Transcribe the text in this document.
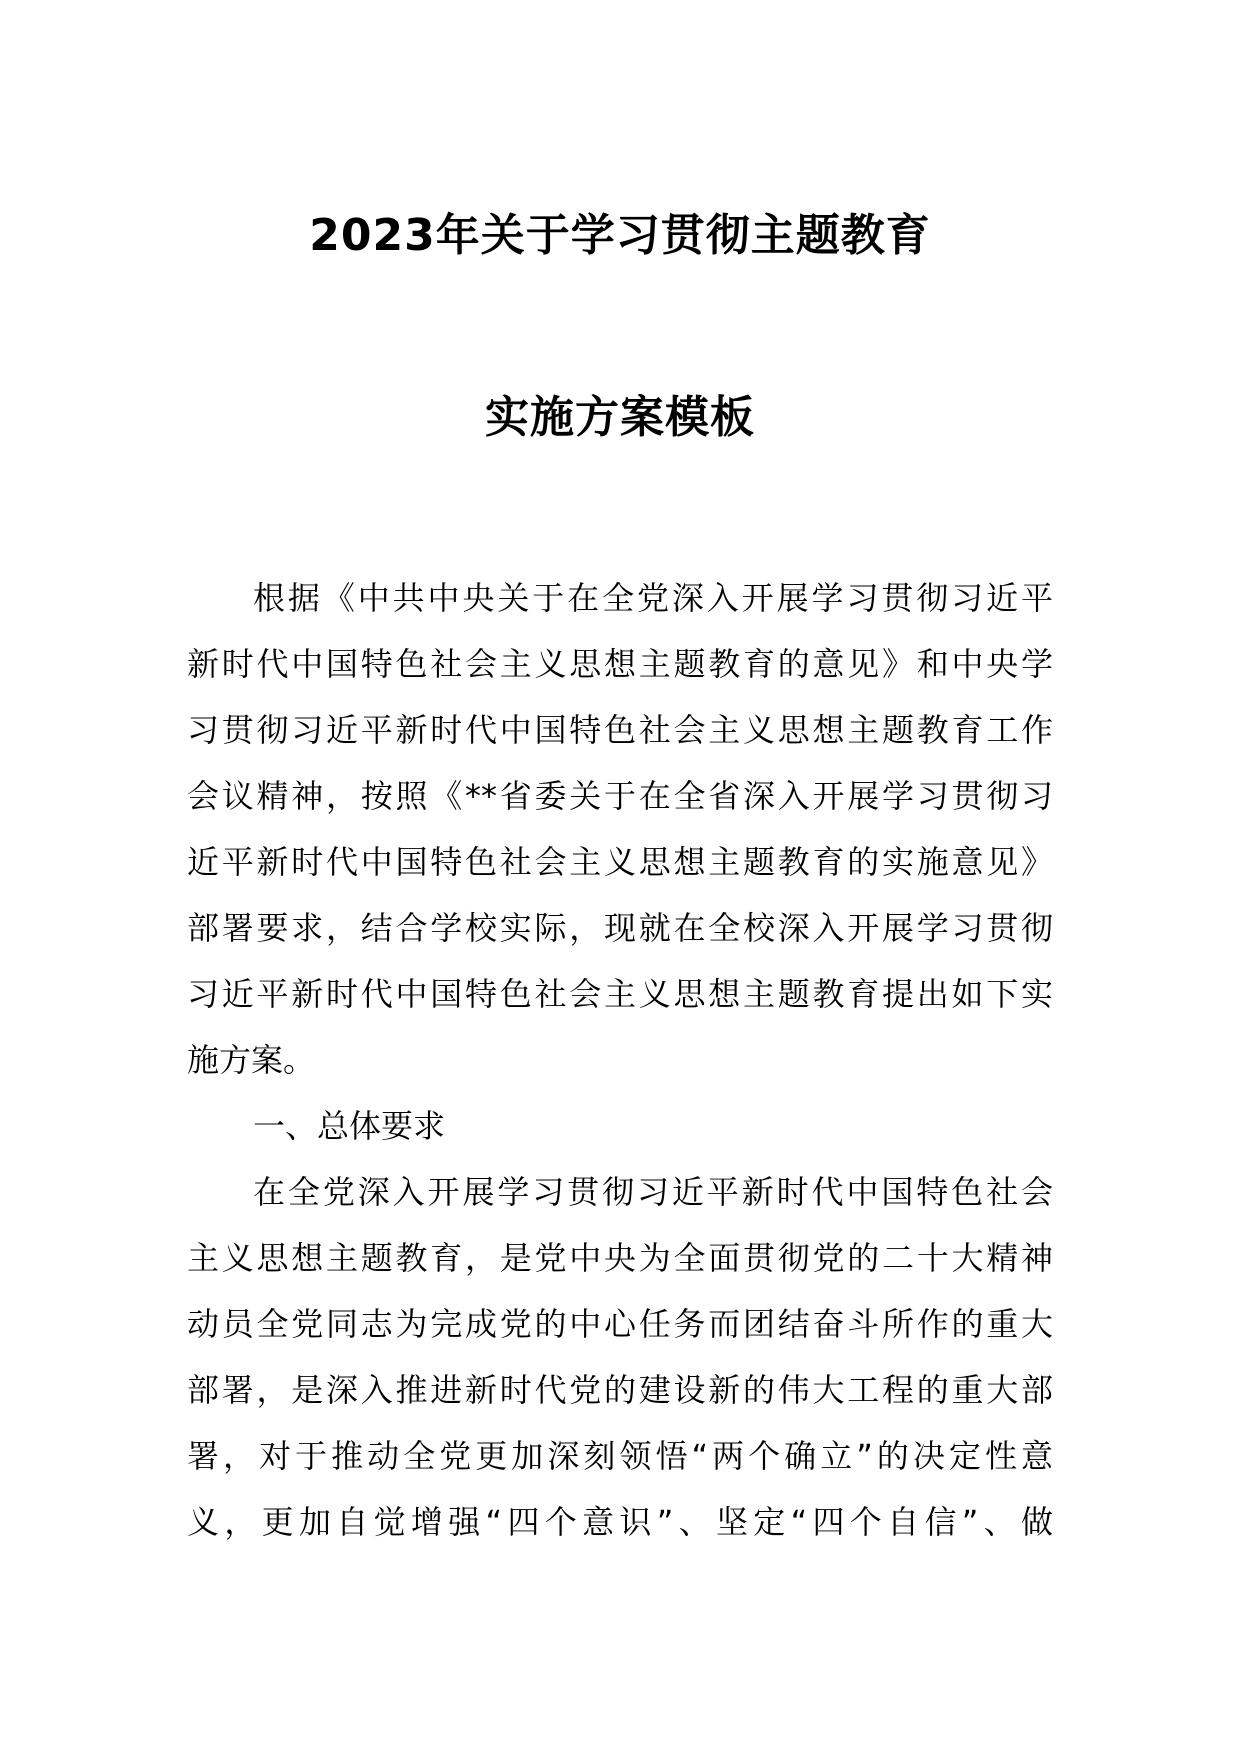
2023年关于学习贯彻主题教育
实施方案模板
根据《中共中央关于在全党深入开展学习贯彻习近平
新时代中国特色社会主义思想主题教育的意见》和中央学
习贯彻习近平新时代中国特色社会主义思想主题教育工作
会议精神，按照《**省委关于在全省深入开展学习贯彻习
近平新时代中国特色社会主义思想主题教育的实施意见》
部署要求，结合学校实际，现就在全校深入开展学习贯彻
习近平新时代中国特色社会主义思想主题教育提出如下实
施方案。
一、总体要求
在全党深入开展学习贯彻习近平新时代中国特色社会
主义思想主题教育，是党中央为全面贯彻党的二十大精神
动员全党同志为完成党的中心任务而团结奋斗所作的重大
部署，是深入推进新时代党的建设新的伟大工程的重大部
署，对于推动全党更加深刻领悟“两个确立”的决定性意
义，更加自觉增强“四个意识”、坚定“四个自信”、做
